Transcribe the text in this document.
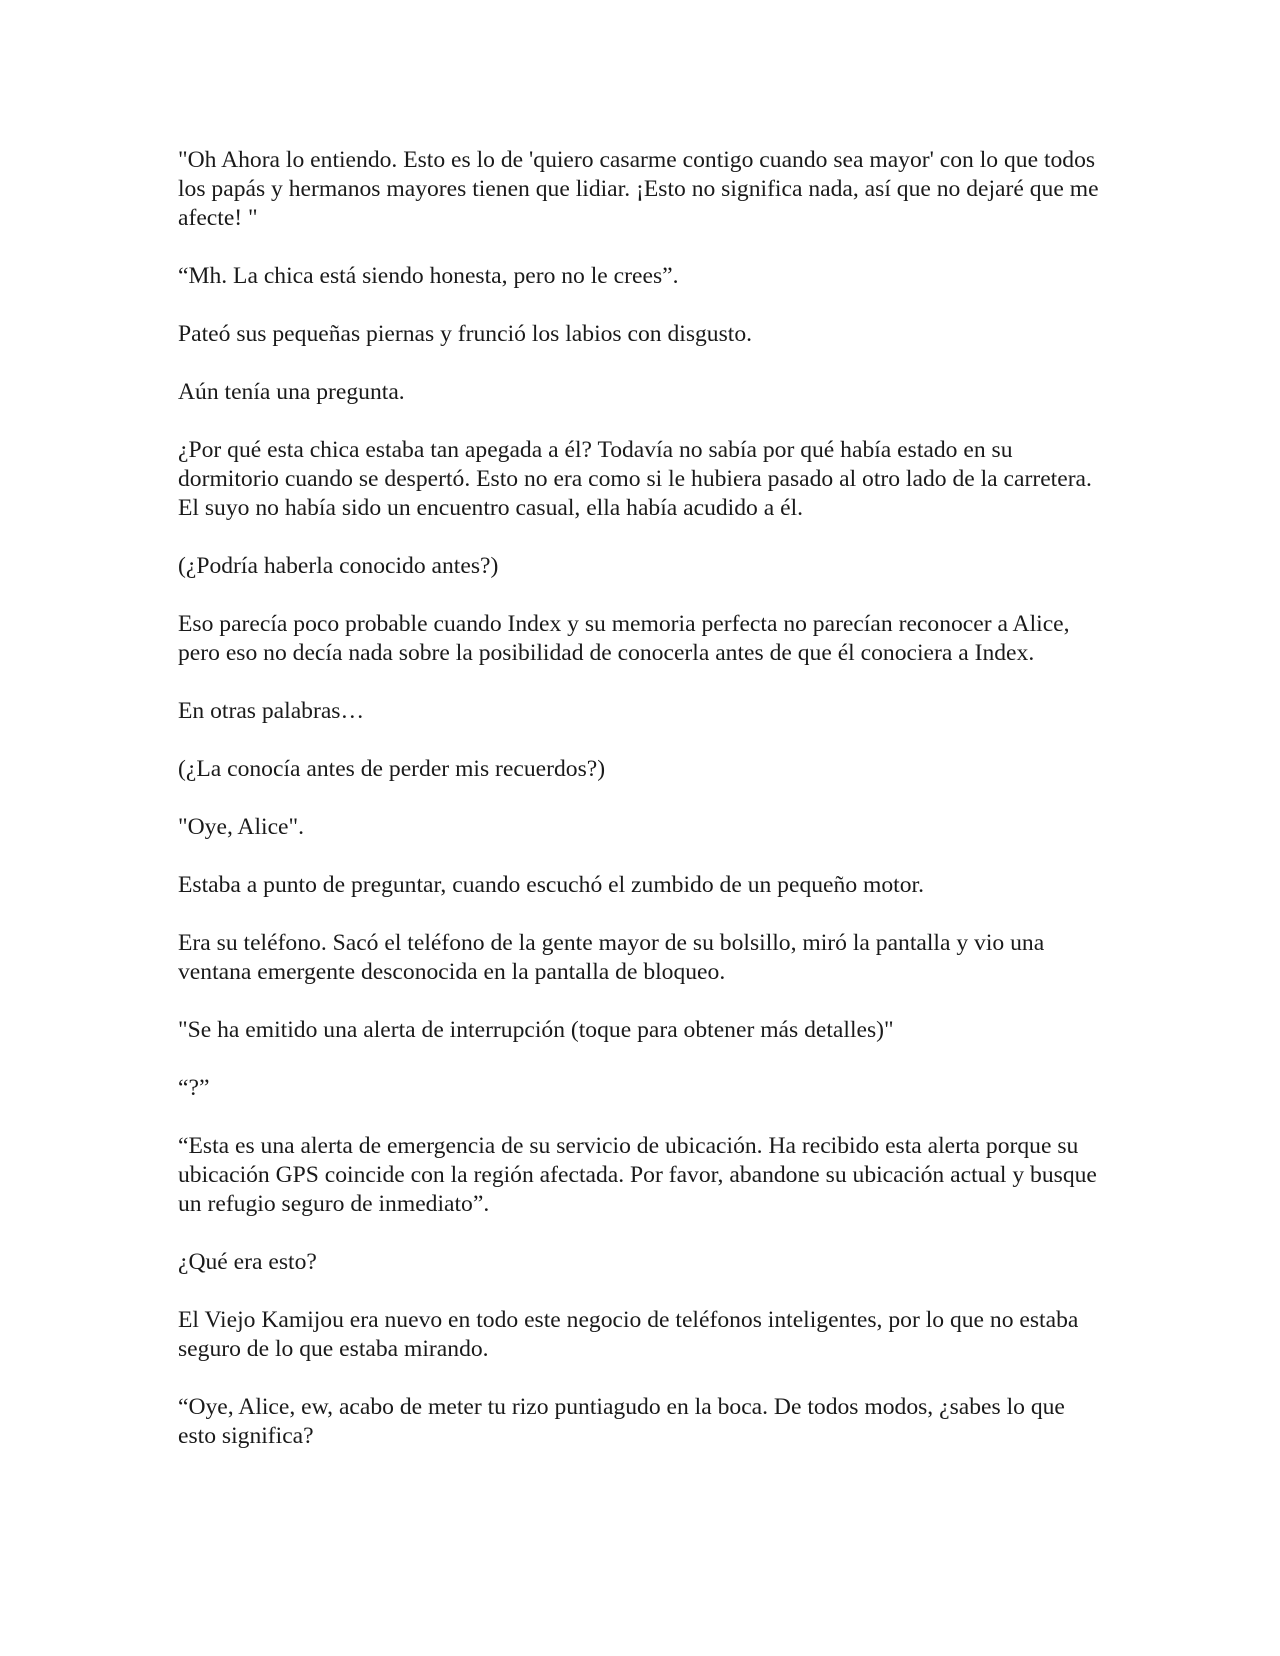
"Oh Ahora lo entiendo. Esto es lo de 'quiero casarme contigo cuando sea mayor' con lo que todos los papás y hermanos mayores tienen que lidiar. ¡Esto no significa nada, así que no dejaré que me afecte! "

“Mh. La chica está siendo honesta, pero no le crees”.

Pateó sus pequeñas piernas y frunció los labios con disgusto.

Aún tenía una pregunta.

¿Por qué esta chica estaba tan apegada a él? Todavía no sabía por qué había estado en su dormitorio cuando se despertó. Esto no era como si le hubiera pasado al otro lado de la carretera. El suyo no había sido un encuentro casual, ella había acudido a él.

(¿Podría haberla conocido antes?)

Eso parecía poco probable cuando Index y su memoria perfecta no parecían reconocer a Alice, pero eso no decía nada sobre la posibilidad de conocerla antes de que él conociera a Index.

En otras palabras…

(¿La conocía antes de perder mis recuerdos?)

"Oye, Alice".

Estaba a punto de preguntar, cuando escuchó el zumbido de un pequeño motor.

Era su teléfono. Sacó el teléfono de la gente mayor de su bolsillo, miró la pantalla y vio una ventana emergente desconocida en la pantalla de bloqueo.

"Se ha emitido una alerta de interrupción (toque para obtener más detalles)"

“?”

“Esta es una alerta de emergencia de su servicio de ubicación. Ha recibido esta alerta porque su ubicación GPS coincide con la región afectada. Por favor, abandone su ubicación actual y busque un refugio seguro de inmediato”.

¿Qué era esto?

El Viejo Kamijou era nuevo en todo este negocio de teléfonos inteligentes, por lo que no estaba seguro de lo que estaba mirando.

“Oye, Alice, ew, acabo de meter tu rizo puntiagudo en la boca. De todos modos, ¿sabes lo que esto significa?
